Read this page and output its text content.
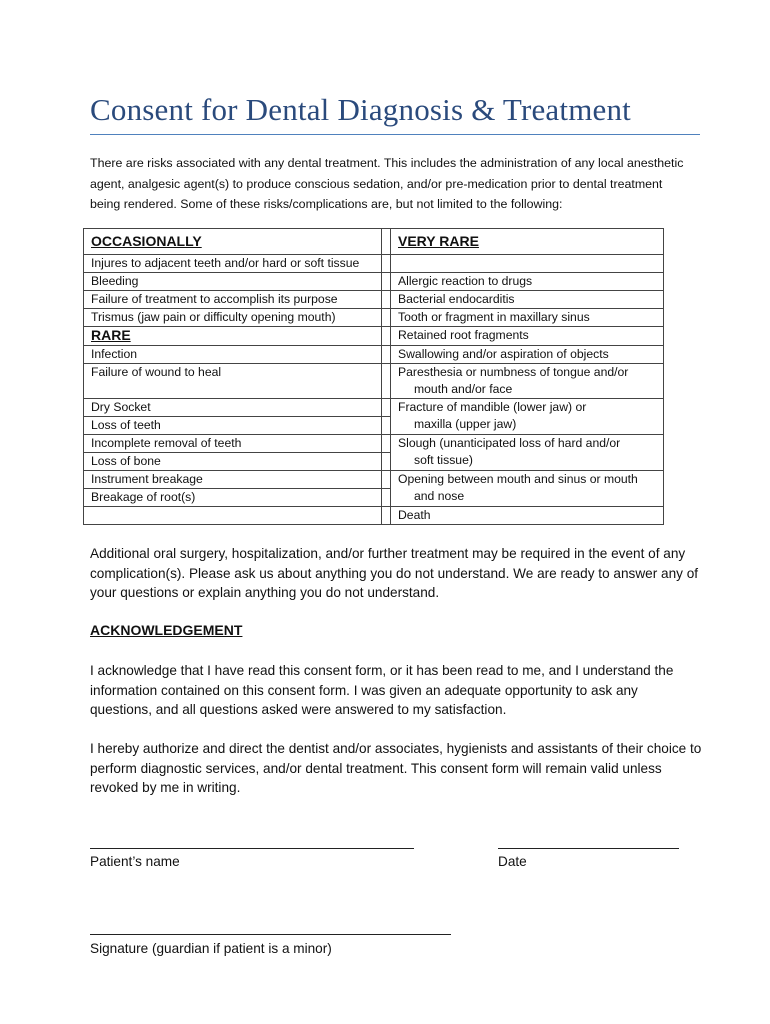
Consent for Dental Diagnosis & Treatment

There are risks associated with any dental treatment. This includes the administration of any local anesthetic agent, analgesic agent(s) to produce conscious sedation, and/or pre-medication prior to dental treatment being rendered. Some of these risks/complications are, but not limited to the following:

OCCASIONALLY		VERY RARE
Injures to adjacent teeth and/or hard or soft tissue		
Bleeding		Allergic reaction to drugs
Failure of treatment to accomplish its purpose		Bacterial endocarditis
Trismus (jaw pain or difficulty opening mouth)		Tooth or fragment in maxillary sinus
RARE		Retained root fragments
Infection		Swallowing and/or aspiration of objects
Failure of wound to heal		Paresthesia or numbness of tongue and/or
mouth and/or face

Dry Socket		Fracture of mandible (lower jaw) or
maxilla (upper jaw)

Loss of teeth		
Incomplete removal of teeth		Slough (unanticipated loss of hard and/or
soft tissue)

Loss of bone		
Instrument breakage		Opening between mouth and sinus or mouth
and nose

Breakage of root(s)		
		Death

Additional oral surgery, hospitalization, and/or further treatment may be required in the event of any complication(s). Please ask us about anything you do not understand. We are ready to answer any of your questions or explain anything you do not understand.

ACKNOWLEDGEMENT

I acknowledge that I have read this consent form, or it has been read to me, and I understand the information contained on this consent form. I was given an adequate opportunity to ask any questions, and all questions asked were answered to my satisfaction.

I hereby authorize and direct the dentist and/or associates, hygienists and assistants of their choice to perform diagnostic services, and/or dental treatment. This consent form will remain valid unless revoked by me in writing.

Patient’s name	Date
Signature (guardian if patient is a minor)
